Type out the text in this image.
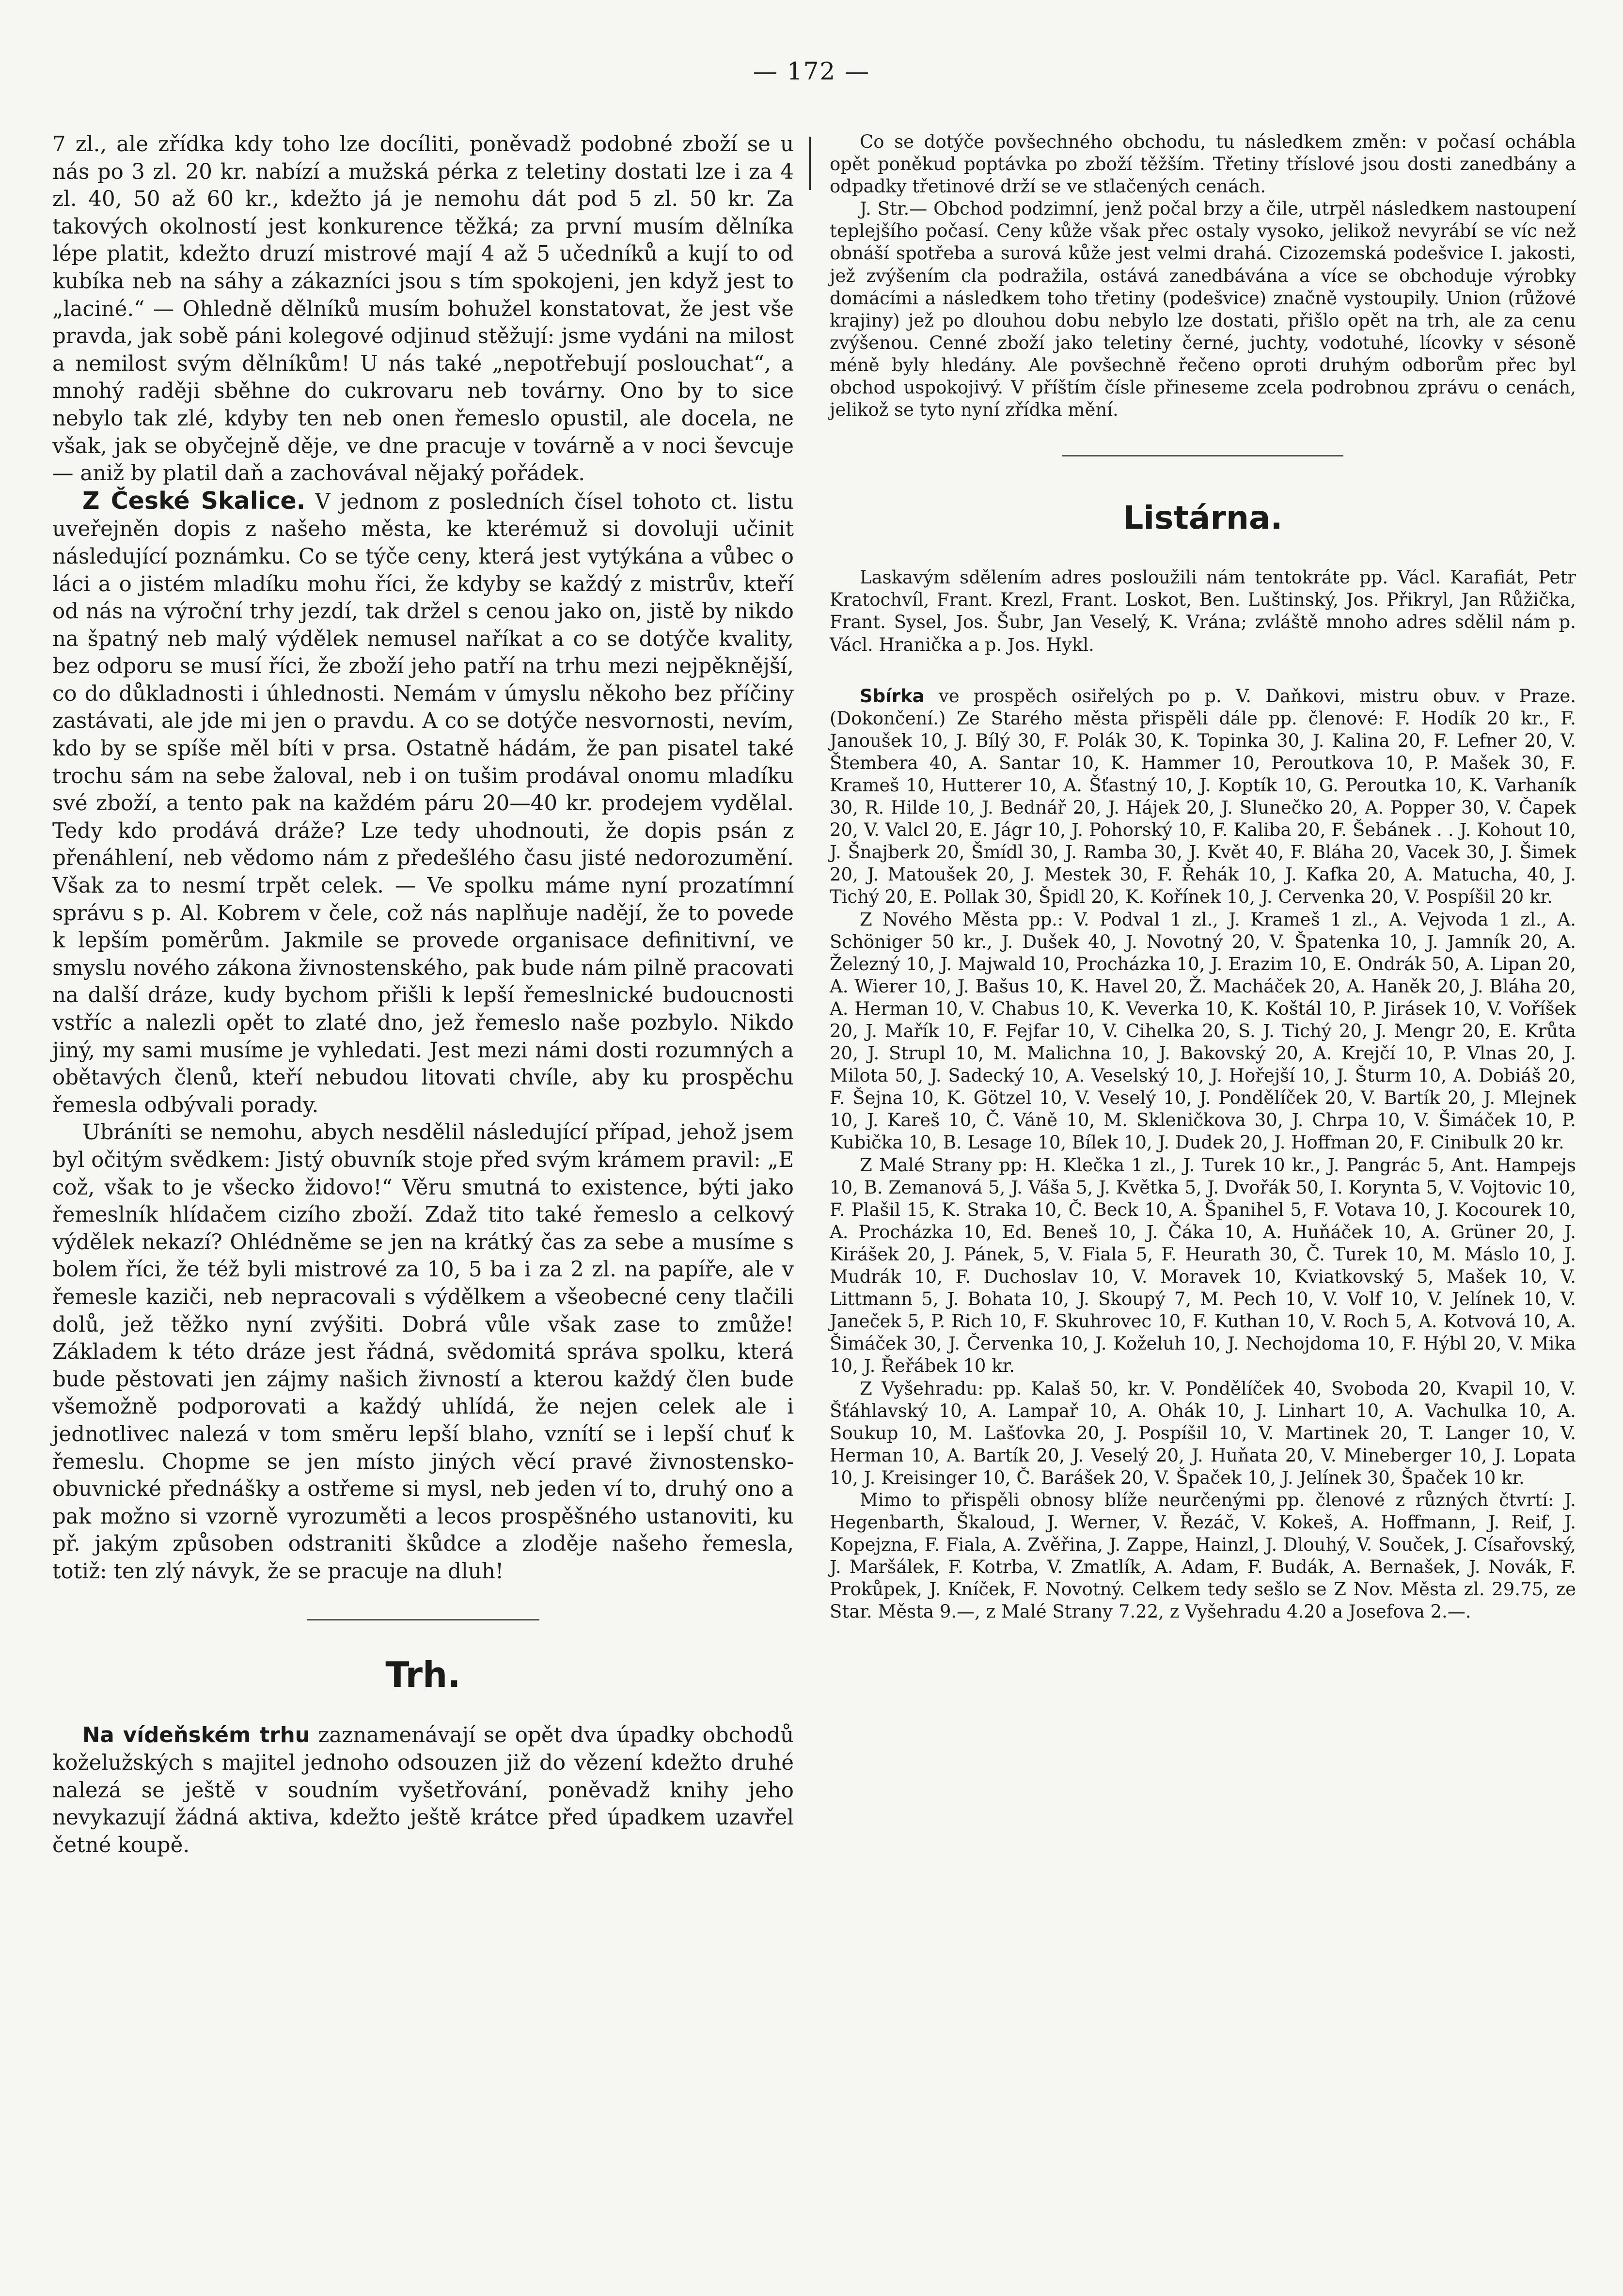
— 172 —

7 zl., ale zřídka kdy toho lze docíliti, poněvadž podobné zboží se u nás po 3 zl. 20 kr. nabízí a mužská pérka z teletiny dostati lze i za 4 zl. 40, 50 až 60 kr., kdežto já je nemohu dát pod 5 zl. 50 kr. Za takových okolností jest konkurence těžká; za první musím dělníka lépe platit, kdežto druzí mistrové mají 4 až 5 učedníků a kují to od kubíka neb na sáhy a zákazníci jsou s tím spokojeni, jen když jest to „laciné.“ — Ohledně dělníků musím bohužel konstatovat, že jest vše pravda, jak sobě páni kolegové odjinud stěžují: jsme vydáni na milost a nemilost svým dělníkům! U nás také „nepotřebují poslouchat“, a mnohý raději sběhne do cukrovaru neb továrny. Ono by to sice nebylo tak zlé, kdyby ten neb onen řemeslo opustil, ale docela, ne však, jak se obyčejně děje, ve dne pracuje v továrně a v noci ševcuje — aniž by platil daň a zachovával nějaký pořádek.

Z České Skalice. V jednom z posledních čísel tohoto ct. listu uveřejněn dopis z našeho města, ke kterémuž si dovoluji učinit následující poznámku. Co se týče ceny, která jest vytýkána a vůbec o láci a o jistém mladíku mohu říci, že kdyby se každý z mistrův, kteří od nás na výroční trhy jezdí, tak držel s cenou jako on, jistě by nikdo na špatný neb malý výdělek nemusel naříkat a co se dotýče kvality, bez odporu se musí říci, že zboží jeho patří na trhu mezi nejpěknější, co do důkladnosti i úhlednosti. Nemám v úmyslu někoho bez příčiny zastávati, ale jde mi jen o pravdu. A co se dotýče nesvornosti, nevím, kdo by se spíše měl bíti v prsa. Ostatně hádám, že pan pisatel také trochu sám na sebe žaloval, neb i on tušim prodával onomu mladíku své zboží, a tento pak na každém páru 20—40 kr. prodejem vydělal. Tedy kdo prodává dráže? Lze tedy uhodnouti, že dopis psán z přenáhlení, neb vědomo nám z předešlého času jisté nedorozumění. Však za to nesmí trpět celek. — Ve spolku máme nyní prozatímní správu s p. Al. Kobrem v čele, což nás naplňuje nadějí, že to povede k lepším poměrům. Jakmile se provede organisace definitivní, ve smyslu nového zákona živnostenského, pak bude nám pilně pracovati na další dráze, kudy bychom přišli k lepší řemeslnické budoucnosti vstříc a nalezli opět to zlaté dno, jež řemeslo naše pozbylo. Nikdo jiný, my sami musíme je vyhledati. Jest mezi námi dosti rozumných a obětavých členů, kteří nebudou litovati chvíle, aby ku prospěchu řemesla odbývali porady.

Ubráníti se nemohu, abych nesdělil následující případ, jehož jsem byl očitým svědkem: Jistý obuvník stoje před svým krámem pravil: „E což, však to je všecko židovo!“ Věru smutná to existence, býti jako řemeslník hlídačem cizího zboží. Zdaž tito také řemeslo a celkový výdělek nekazí? Ohlédněme se jen na krátký čas za sebe a musíme s bolem říci, že též byli mistrové za 10, 5 ba i za 2 zl. na papíře, ale v řemesle kaziči, neb nepracovali s výdělkem a všeobecné ceny tlačili dolů, jež těžko nyní zvýšiti. Dobrá vůle však zase to zmůže! Základem k této dráze jest řádná, svědomitá správa spolku, která bude pěstovati jen zájmy našich živností a kterou každý člen bude všemožně podporovati a každý uhlídá, že nejen celek ale i jednotlivec nalezá v tom směru lepší blaho, vznítí se i lepší chuť k řemeslu. Chopme se jen místo jiných věcí pravé živnostensko-obuvnické přednášky a ostřeme si mysl, neb jeden ví to, druhý ono a pak možno si vzorně vyrozuměti a lecos prospěšného ustanoviti, ku př. jakým způsoben odstraniti škůdce a zloděje našeho řemesla, totiž: ten zlý návyk, že se pracuje na dluh!

Trh.

Na vídeňském trhu zaznamenávají se opět dva úpadky obchodů koželužských s majitel jednoho odsouzen již do vězení kdežto druhé nalezá se ještě v soudním vyšetřování, poněvadž knihy jeho nevykazují žádná aktiva, kdežto ještě krátce před úpadkem uzavřel četné koupě.

Co se dotýče povšechného obchodu, tu následkem změn: v počasí ochábla opět poněkud poptávka po zboží těžším. Třetiny tříslové jsou dosti zanedbány a odpadky třetinové drží se ve stlačených cenách.

J. Str.— Obchod podzimní, jenž počal brzy a čile, utrpěl následkem nastoupení teplejšího počasí. Ceny kůže však přec ostaly vysoko, jelikož nevyrábí se víc než obnáší spotřeba a surová kůže jest velmi drahá. Cizozemská podešvice I. jakosti, jež zvýšením cla podražila, ostává zanedbávána a více se obchoduje výrobky domácími a následkem toho třetiny (podešvice) značně vystoupily. Union (růžové krajiny) jež po dlouhou dobu nebylo lze dostati, přišlo opět na trh, ale za cenu zvýšenou. Cenné zboží jako teletiny černé, juchty, vodotuhé, lícovky v sésoně méně byly hledány. Ale povšechně řečeno oproti druhým odborům přec byl obchod uspokojivý. V příštím čísle přineseme zcela podrobnou zprávu o cenách, jelikož se tyto nyní zřídka mění.

Listárna.

Laskavým sdělením adres posloužili nám tentokráte pp. Václ. Karafiát, Petr Kratochvíl, Frant. Krezl, Frant. Loskot, Ben. Luštinský, Jos. Přikryl, Jan Růžička, Frant. Sysel, Jos. Šubr, Jan Veselý, K. Vrána; zvláště mnoho adres sdělil nám p. Václ. Hranička a p. Jos. Hykl.

Sbírka ve prospěch osiřelých po p. V. Daňkovi, mistru obuv. v Praze. (Dokončení.) Ze Starého města přispěli dále pp. členové: F. Hodík 20 kr., F. Janoušek 10, J. Bílý 30, F. Polák 30, K. Topinka 30, J. Kalina 20, F. Lefner 20, V. Štembera 40, A. Santar 10, K. Hammer 10, Peroutkova 10, P. Mašek 30, F. Krameš 10, Hutterer 10, A. Šťastný 10, J. Koptík 10, G. Peroutka 10, K. Varhaník 30, R. Hilde 10, J. Bednář 20, J. Hájek 20, J. Slunečko 20, A. Popper 30, V. Čapek 20, V. Valcl 20, E. Jágr 10, J. Pohorský 10, F. Kaliba 20, F. Šebánek . . J. Kohout 10, J. Šnajberk 20, Šmídl 30, J. Ramba 30, J. Květ 40, F. Bláha 20, Vacek 30, J. Šimek 20, J. Matoušek 20, J. Mestek 30, F. Řehák 10, J. Kafka 20, A. Matucha, 40, J. Tichý 20, E. Pollak 30, Špidl 20, K. Kořínek 10, J. Cervenka 20, V. Pospíšil 20 kr.

Z Nového Města pp.: V. Podval 1 zl., J. Krameš 1 zl., A. Vejvoda 1 zl., A. Schöniger 50 kr., J. Dušek 40, J. Novotný 20, V. Špatenka 10, J. Jamník 20, A. Železný 10, J. Majwald 10, Procházka 10, J. Erazim 10, E. Ondrák 50, A. Lipan 20, A. Wierer 10, J. Bašus 10, K. Havel 20, Ž. Macháček 20, A. Haněk 20, J. Bláha 20, A. Herman 10, V. Chabus 10, K. Veverka 10, K. Koštál 10, P. Jirásek 10, V. Voříšek 20, J. Mařík 10, F. Fejfar 10, V. Cihelka 20, S. J. Tichý 20, J. Mengr 20, E. Krůta 20, J. Strupl 10, M. Malichna 10, J. Bakovský 20, A. Krejčí 10, P. Vlnas 20, J. Milota 50, J. Sadecký 10, A. Veselský 10, J. Hořejší 10, J. Šturm 10, A. Dobiáš 20, F. Šejna 10, K. Götzel 10, V. Veselý 10, J. Pondělíček 20, V. Bartík 20, J. Mlejnek 10, J. Kareš 10, Č. Váně 10, M. Skleničkova 30, J. Chrpa 10, V. Šimáček 10, P. Kubička 10, B. Lesage 10, Bílek 10, J. Dudek 20, J. Hoffman 20, F. Cinibulk 20 kr.

Z Malé Strany pp: H. Klečka 1 zl., J. Turek 10 kr., J. Pangrác 5, Ant. Hampejs 10, B. Zemanová 5, J. Váša 5, J. Květka 5, J. Dvořák 50, I. Korynta 5, V. Vojtovic 10, F. Plašil 15, K. Straka 10, Č. Beck 10, A. Španihel 5, F. Votava 10, J. Kocourek 10, A. Procházka 10, Ed. Beneš 10, J. Čáka 10, A. Huňáček 10, A. Grüner 20, J. Kirášek 20, J. Pánek, 5, V. Fiala 5, F. Heurath 30, Č. Turek 10, M. Máslo 10, J. Mudrák 10, F. Duchoslav 10, V. Moravek 10, Kviatkovský 5, Mašek 10, V. Littmann 5, J. Bohata 10, J. Skoupý 7, M. Pech 10, V. Volf 10, V. Jelínek 10, V. Janeček 5, P. Rich 10, F. Skuhrovec 10, F. Kuthan 10, V. Roch 5, A. Kotvová 10, A. Šimáček 30, J. Červenka 10, J. Koželuh 10, J. Nechojdoma 10, F. Hýbl 20, V. Mika 10, J. Řeřábek 10 kr.

Z Vyšehradu: pp. Kalaš 50, kr. V. Pondělíček 40, Svoboda 20, Kvapil 10, V. Šťáhlavský 10, A. Lampař 10, A. Ohák 10, J. Linhart 10, A. Vachulka 10, A. Soukup 10, M. Lašťovka 20, J. Pospíšil 10, V. Martinek 20, T. Langer 10, V. Herman 10, A. Bartík 20, J. Veselý 20, J. Huňata 20, V. Mineberger 10, J. Lopata 10, J. Kreisinger 10, Č. Barášek 20, V. Špaček 10, J. Jelínek 30, Špaček 10 kr.

Mimo to přispěli obnosy blíže neurčenými pp. členové z různých čtvrtí: J. Hegenbarth, Škaloud, J. Werner, V. Řezáč, V. Kokeš, A. Hoffmann, J. Reif, J. Kopejzna, F. Fiala, A. Zvěřina, J. Zappe, Hainzl, J. Dlouhý, V. Souček, J. Císařovský, J. Maršálek, F. Kotrba, V. Zmatlík, A. Adam, F. Budák, A. Bernašek, J. Novák, F. Prokůpek, J. Kníček, F. Novotný. Celkem tedy sešlo se Z Nov. Města zl. 29.75, ze Star. Města 9.—, z Malé Strany 7.22, z Vyšehradu 4.20 a Josefova 2.—.
